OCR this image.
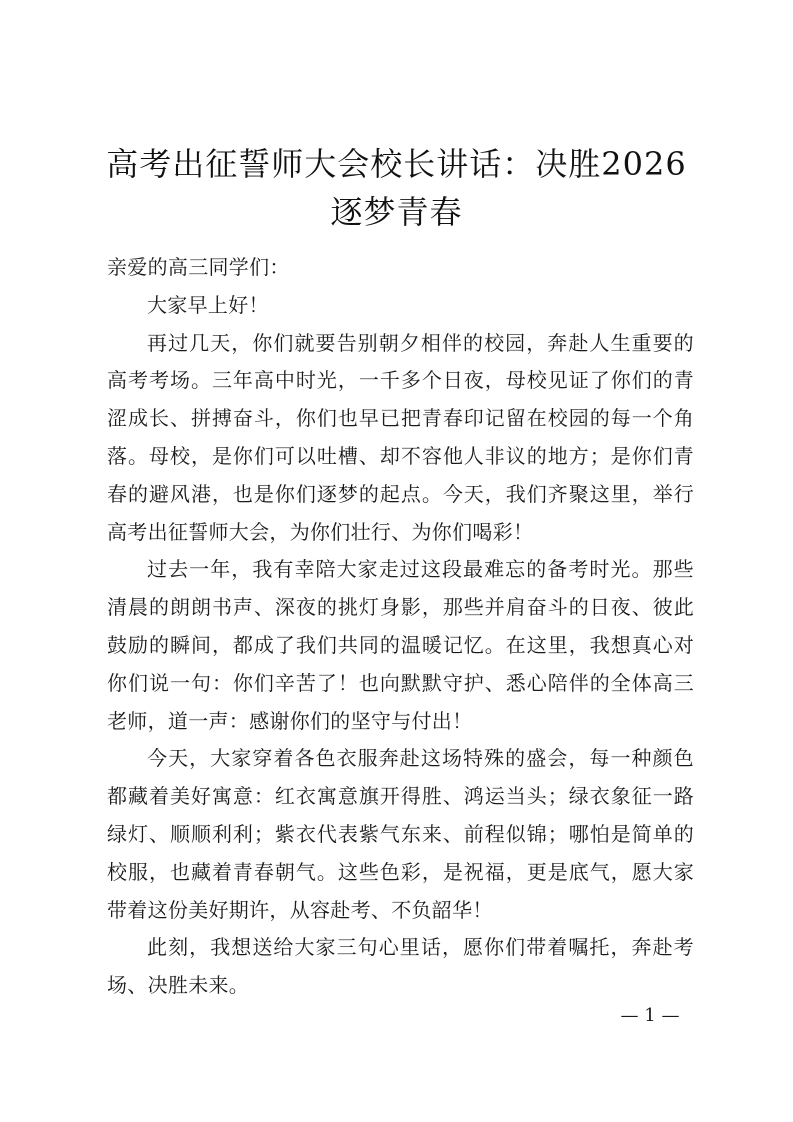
高考出征誓师大会校长讲话：决胜2026逐梦青春

亲爱的高三同学们：

大家早上好！

再过几天，你们就要告别朝夕相伴的校园，奔赴人生重要的高考考场。三年高中时光，一千多个日夜，母校见证了你们的青涩成长、拼搏奋斗，你们也早已把青春印记留在校园的每一个角落。母校，是你们可以吐槽、却不容他人非议的地方；是你们青春的避风港，也是你们逐梦的起点。今天，我们齐聚这里，举行高考出征誓师大会，为你们壮行、为你们喝彩！

过去一年，我有幸陪大家走过这段最难忘的备考时光。那些清晨的朗朗书声、深夜的挑灯身影，那些并肩奋斗的日夜、彼此鼓励的瞬间，都成了我们共同的温暖记忆。在这里，我想真心对你们说一句：你们辛苦了！也向默默守护、悉心陪伴的全体高三老师，道一声：感谢你们的坚守与付出！

今天，大家穿着各色衣服奔赴这场特殊的盛会，每一种颜色都藏着美好寓意：红衣寓意旗开得胜、鸿运当头；绿衣象征一路绿灯、顺顺利利；紫衣代表紫气东来、前程似锦；哪怕是简单的校服，也藏着青春朝气。这些色彩，是祝福，更是底气，愿大家带着这份美好期许，从容赴考、不负韶华！

此刻，我想送给大家三句心里话，愿你们带着嘱托，奔赴考场、决胜未来。

— 1 —
